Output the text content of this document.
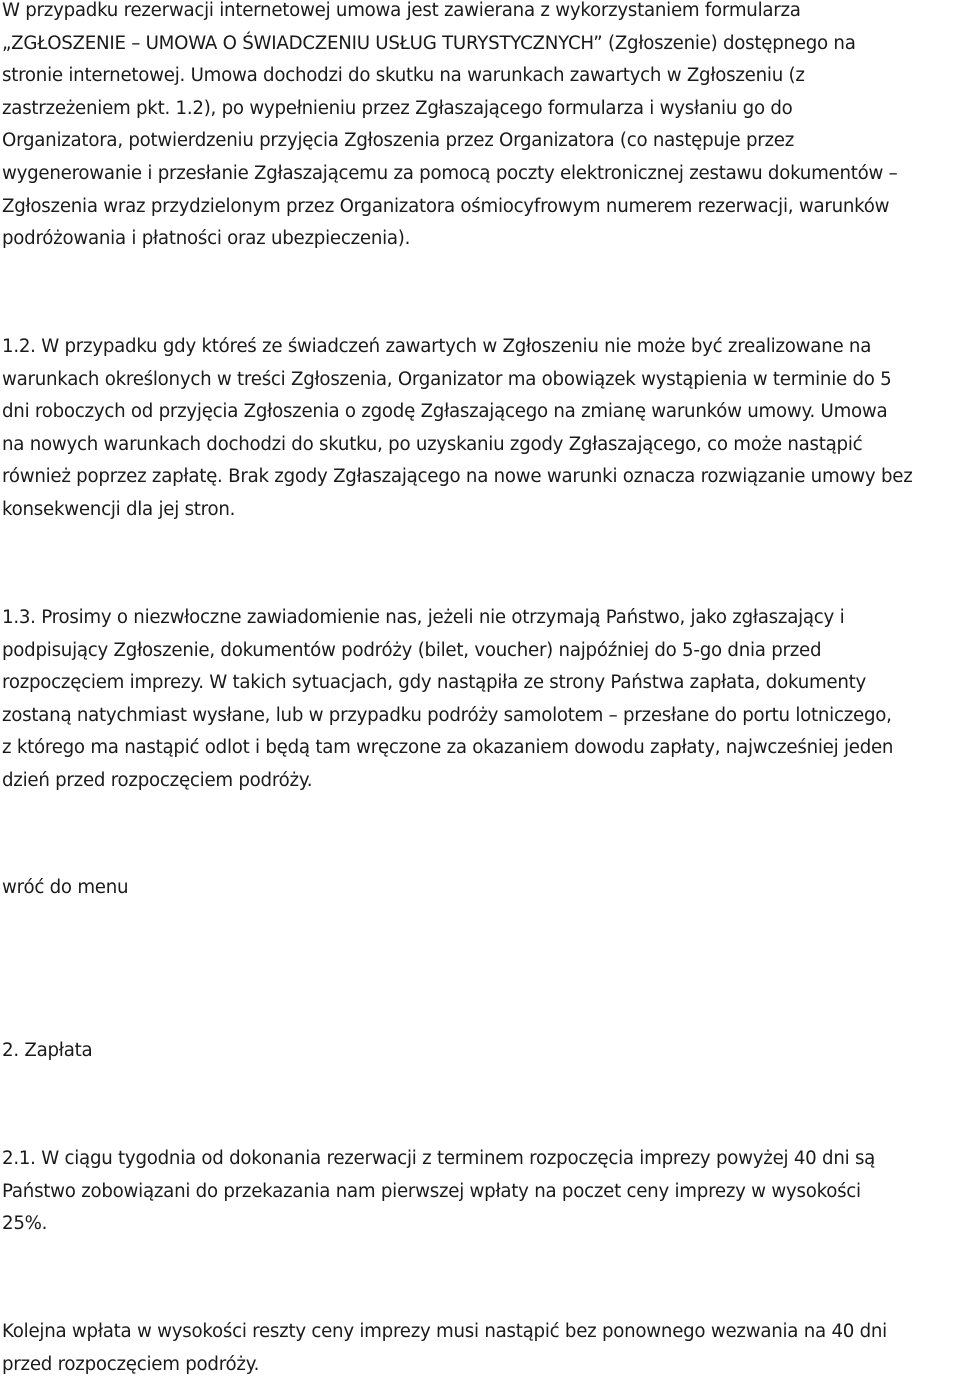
W przypadku rezerwacji internetowej umowa jest zawierana z wykorzystaniem formularza
„ZGŁOSZENIE – UMOWA O ŚWIADCZENIU USŁUG TURYSTYCZNYCH” (Zgłoszenie) dostępnego na
stronie internetowej. Umowa dochodzi do skutku na warunkach zawartych w Zgłoszeniu (z
zastrzeżeniem pkt. 1.2), po wypełnieniu przez Zgłaszającego formularza i wysłaniu go do
Organizatora, potwierdzeniu przyjęcia Zgłoszenia przez Organizatora (co następuje przez
wygenerowanie i przesłanie Zgłaszającemu za pomocą poczty elektronicznej zestawu dokumentów –
Zgłoszenia wraz przydzielonym przez Organizatora ośmiocyfrowym numerem rezerwacji, warunków
podróżowania i płatności oraz ubezpieczenia).

1.2. W przypadku gdy któreś ze świadczeń zawartych w Zgłoszeniu nie może być zrealizowane na
warunkach określonych w treści Zgłoszenia, Organizator ma obowiązek wystąpienia w terminie do 5
dni roboczych od przyjęcia Zgłoszenia o zgodę Zgłaszającego na zmianę warunków umowy. Umowa
na nowych warunkach dochodzi do skutku, po uzyskaniu zgody Zgłaszającego, co może nastąpić
również poprzez zapłatę. Brak zgody Zgłaszającego na nowe warunki oznacza rozwiązanie umowy bez
konsekwencji dla jej stron.

1.3. Prosimy o niezwłoczne zawiadomienie nas, jeżeli nie otrzymają Państwo, jako zgłaszający i
podpisujący Zgłoszenie, dokumentów podróży (bilet, voucher) najpóźniej do 5-go dnia przed
rozpoczęciem imprezy. W takich sytuacjach, gdy nastąpiła ze strony Państwa zapłata, dokumenty
zostaną natychmiast wysłane, lub w przypadku podróży samolotem – przesłane do portu lotniczego,
z którego ma nastąpić odlot i będą tam wręczone za okazaniem dowodu zapłaty, najwcześniej jeden
dzień przed rozpoczęciem podróży.

wróć do menu
2. Zapłata

2.1. W ciągu tygodnia od dokonania rezerwacji z terminem rozpoczęcia imprezy powyżej 40 dni są
Państwo zobowiązani do przekazania nam pierwszej wpłaty na poczet ceny imprezy w wysokości
25%.

Kolejna wpłata w wysokości reszty ceny imprezy musi nastąpić bez ponownego wezwania na 40 dni
przed rozpoczęciem podróży.
